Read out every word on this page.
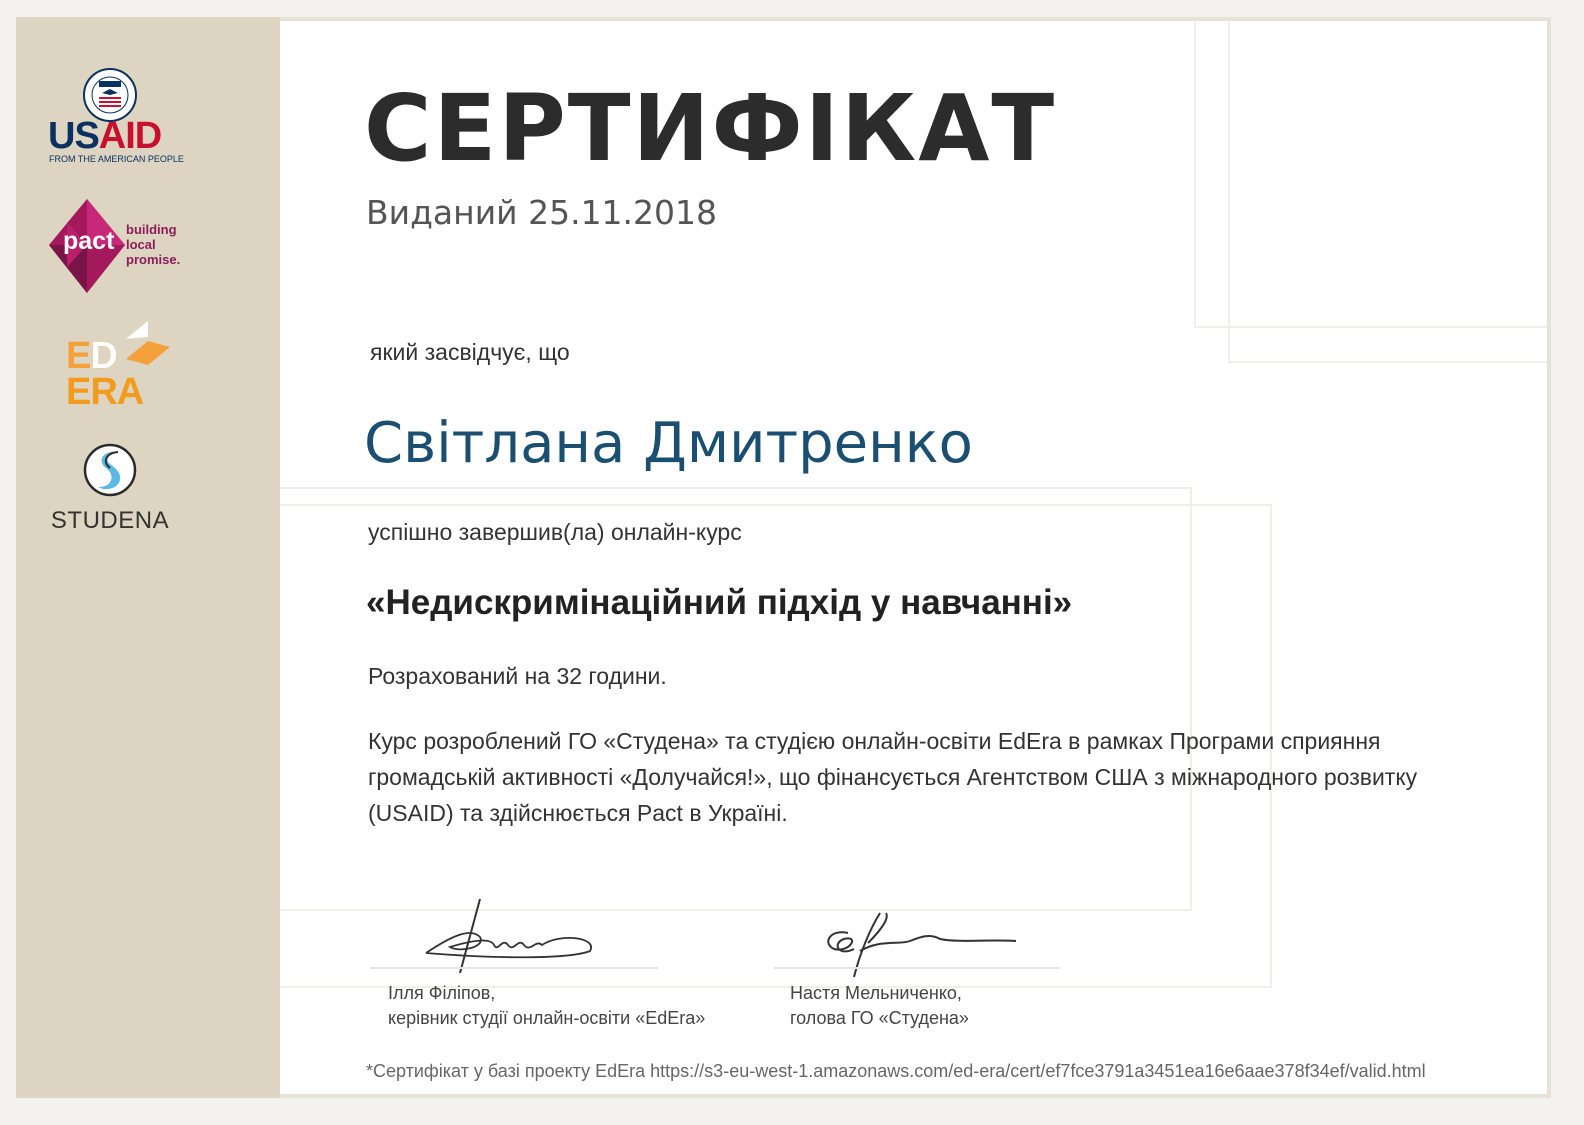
USAID
FROM THE AMERICAN PEOPLE
pact building
local
promise.
ED
ERA
STUDENA
СЕРТИФІКАТ
Виданий 25.11.2018
який засвідчує, що
Світлана Дмитренко
успішно завершив(ла) онлайн-курс
«Недискримінаційний підхід у навчанні»
Розрахований на 32 години.
Курс розроблений ГО «Студена» та студією онлайн-освіти EdEra в рамках Програми сприяння громадській активності «Долучайся!», що фінансується Агентством США з міжнародного розвитку (USAID) та здійснюється Pact в Україні.
Ілля Філіпов,
керівник студії онлайн-освіти «EdEra»
Настя Мельниченко,
голова ГО «Студена»
*Сертифікат у базі проекту EdEra https://s3-eu-west-1.amazonaws.com/ed-era/cert/ef7fce3791a3451ea16e6aae378f34ef/valid.html
